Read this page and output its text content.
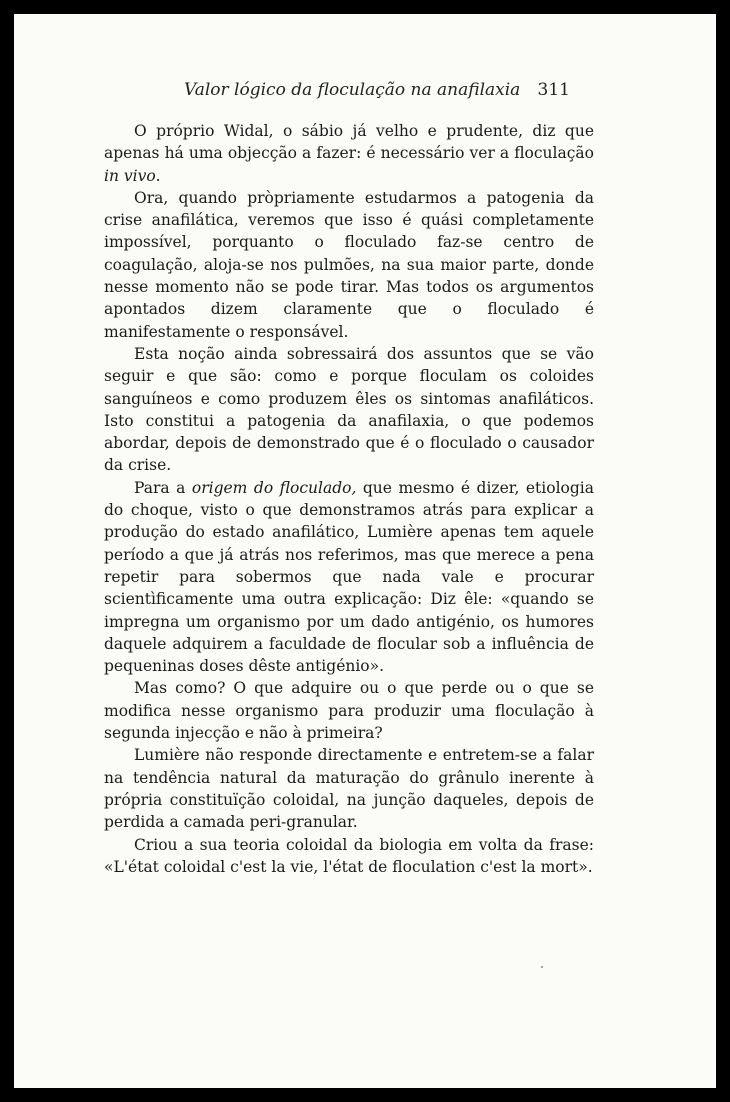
Valor lógico da floculação na anafilaxia 311

O próprio Widal, o sábio já velho e prudente, diz que apenas há uma objecção a fazer: é necessário ver a floculação in vivo.

Ora, quando pròpriamente estudarmos a patogenia da crise anafilática, veremos que isso é quási completamente impossível, porquanto o floculado faz-se centro de coagulação, aloja-se nos pulmões, na sua maior parte, donde nesse momento não se pode tirar. Mas todos os argumentos apontados dizem claramente que o floculado é manifestamente o responsável.

Esta noção ainda sobressairá dos assuntos que se vão seguir e que são: como e porque floculam os coloides sanguíneos e como produzem êles os sintomas anafiláticos. Isto constitui a patogenia da anafilaxia, o que podemos abordar, depois de demonstrado que é o floculado o causador da crise.

Para a origem do floculado, que mesmo é dizer, etiologia do choque, visto o que demonstramos atrás para explicar a produção do estado anafilático, Lumière apenas tem aquele período a que já atrás nos referimos, mas que merece a pena repetir para sobermos que nada vale e procurar scientìficamente uma outra explicação: Diz êle: «quando se impregna um organismo por um dado antigénio, os humores daquele adquirem a faculdade de flocular sob a influência de pequeninas doses dêste antigénio».

Mas como? O que adquire ou o que perde ou o que se modifica nesse organismo para produzir uma floculação à segunda injecção e não à primeira?

Lumière não responde directamente e entretem-se a falar na tendência natural da maturação do grânulo inerente à própria constituïção coloidal, na junção daqueles, depois de perdida a camada peri-granular.

Criou a sua teoria coloidal da biologia em volta da frase: «L'état coloidal c'est la vie, l'état de floculation c'est la mort».
